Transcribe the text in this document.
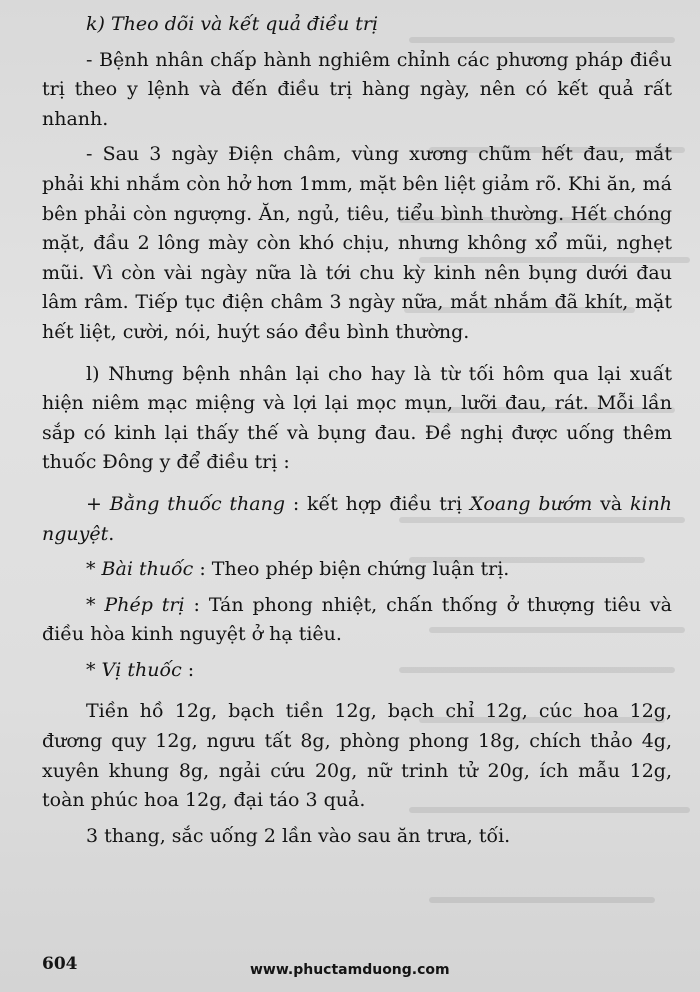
k) Theo dõi và kết quả điều trị

- Bệnh nhân chấp hành nghiêm chỉnh các phương pháp điều trị theo y lệnh và đến điều trị hàng ngày, nên có kết quả rất nhanh.

- Sau 3 ngày Điện châm, vùng xương chũm hết đau, mắt phải khi nhắm còn hở hơn 1mm, mặt bên liệt giảm rõ. Khi ăn, má bên phải còn ngượng. Ăn, ngủ, tiêu, tiểu bình thường. Hết chóng mặt, đầu 2 lông mày còn khó chịu, nhưng không xổ mũi, nghẹt mũi. Vì còn vài ngày nữa là tới chu kỳ kinh nên bụng dưới đau lâm râm. Tiếp tục điện châm 3 ngày nữa, mắt nhắm đã khít, mặt hết liệt, cười, nói, huýt sáo đều bình thường.

l) Nhưng bệnh nhân lại cho hay là từ tối hôm qua lại xuất hiện niêm mạc miệng và lợi lại mọc mụn, lưỡi đau, rát. Mỗi lần sắp có kinh lại thấy thế và bụng đau. Đề nghị được uống thêm thuốc Đông y để điều trị :

+ Bằng thuốc thang : kết hợp điều trị Xoang bướm và kinh nguyệt.

* Bài thuốc : Theo phép biện chứng luận trị.

* Phép trị : Tán phong nhiệt, chấn thống ở thượng tiêu và điều hòa kinh nguyệt ở hạ tiêu.

* Vị thuốc :

Tiền hồ 12g, bạch tiền 12g, bạch chỉ 12g, cúc hoa 12g, đương quy 12g, ngưu tất 8g, phòng phong 18g, chích thảo 4g, xuyên khung 8g, ngải cứu 20g, nữ trinh tử 20g, ích mẫu 12g, toàn phúc hoa 12g, đại táo 3 quả.

3 thang, sắc uống 2 lần vào sau ăn trưa, tối.

604	www.phuctamduong.com
